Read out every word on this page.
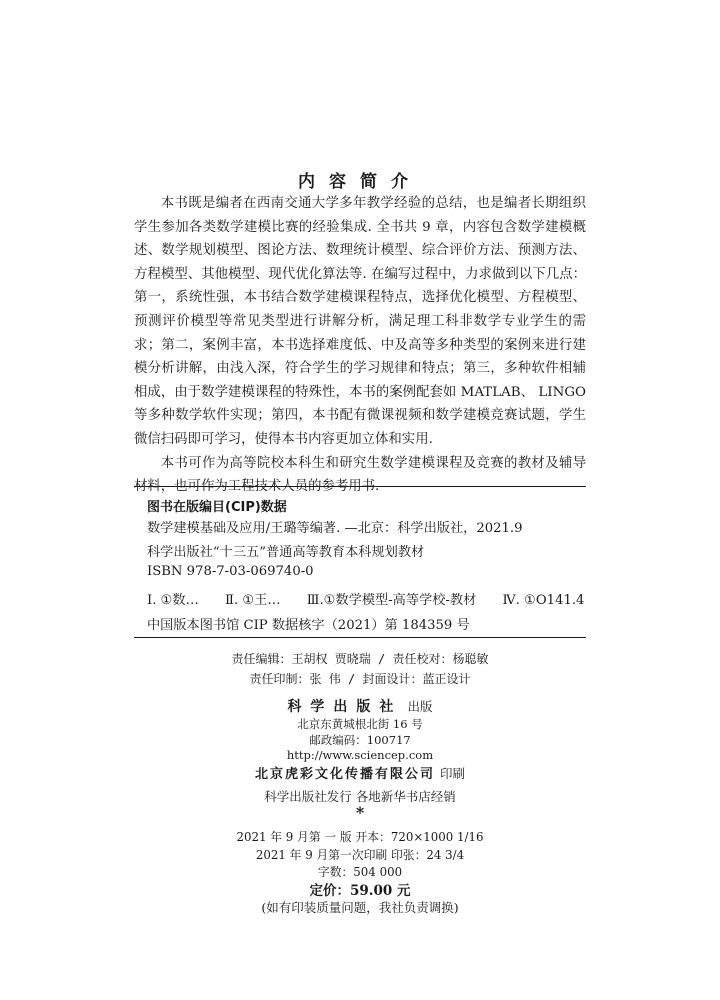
内容简介

本书既是编者在西南交通大学多年教学经验的总结，也是编者长期组织学生参加各类数学建模比赛的经验集成. 全书共 9 章，内容包含数学建模概述、数学规划模型、图论方法、数理统计模型、综合评价方法、预测方法、方程模型、其他模型、现代优化算法等. 在编写过程中，力求做到以下几点：第一，系统性强，本书结合数学建模课程特点，选择优化模型、方程模型、预测评价模型等常见类型进行讲解分析，满足理工科非数学专业学生的需求；第二，案例丰富，本书选择难度低、中及高等多种类型的案例来进行建模分析讲解，由浅入深，符合学生的学习规律和特点；第三，多种软件相辅相成，由于数学建模课程的特殊性，本书的案例配套如 MATLAB、 LINGO 等多种数学软件实现；第四，本书配有微课视频和数学建模竞赛试题，学生微信扫码即可学习，使得本书内容更加立体和实用.

本书可作为高等院校本科生和研究生数学建模课程及竞赛的教材及辅导材料，也可作为工程技术人员的参考用书.

图书在版编目(CIP)数据
数学建模基础及应用/王璐等编著. —北京：科学出版社，2021.9
科学出版社“十三五”普通高等教育本科规划教材
ISBN 978-7-03-069740-0
Ⅰ. ①数… Ⅱ. ①王… Ⅲ.①数学模型-高等学校-教材 Ⅳ. ①O141.4
中国版本图书馆 CIP 数据核字（2021）第 184359 号
责任编辑：王胡权 贾晓瑞 / 责任校对：杨聪敏
责任印制：张 伟 / 封面设计：蓝正设计
科学出版社 出版
北京东黄城根北街 16 号
邮政编码：100717
http://www.sciencep.com
北京虎彩文化传播有限公司 印刷
科学出版社发行 各地新华书店经销
*
2021 年 9 月第 一 版 开本：720×1000 1/16
2021 年 9 月第一次印刷 印张：24 3/4
字数：504 000
定价：59.00 元
(如有印装质量问题，我社负责调换)
